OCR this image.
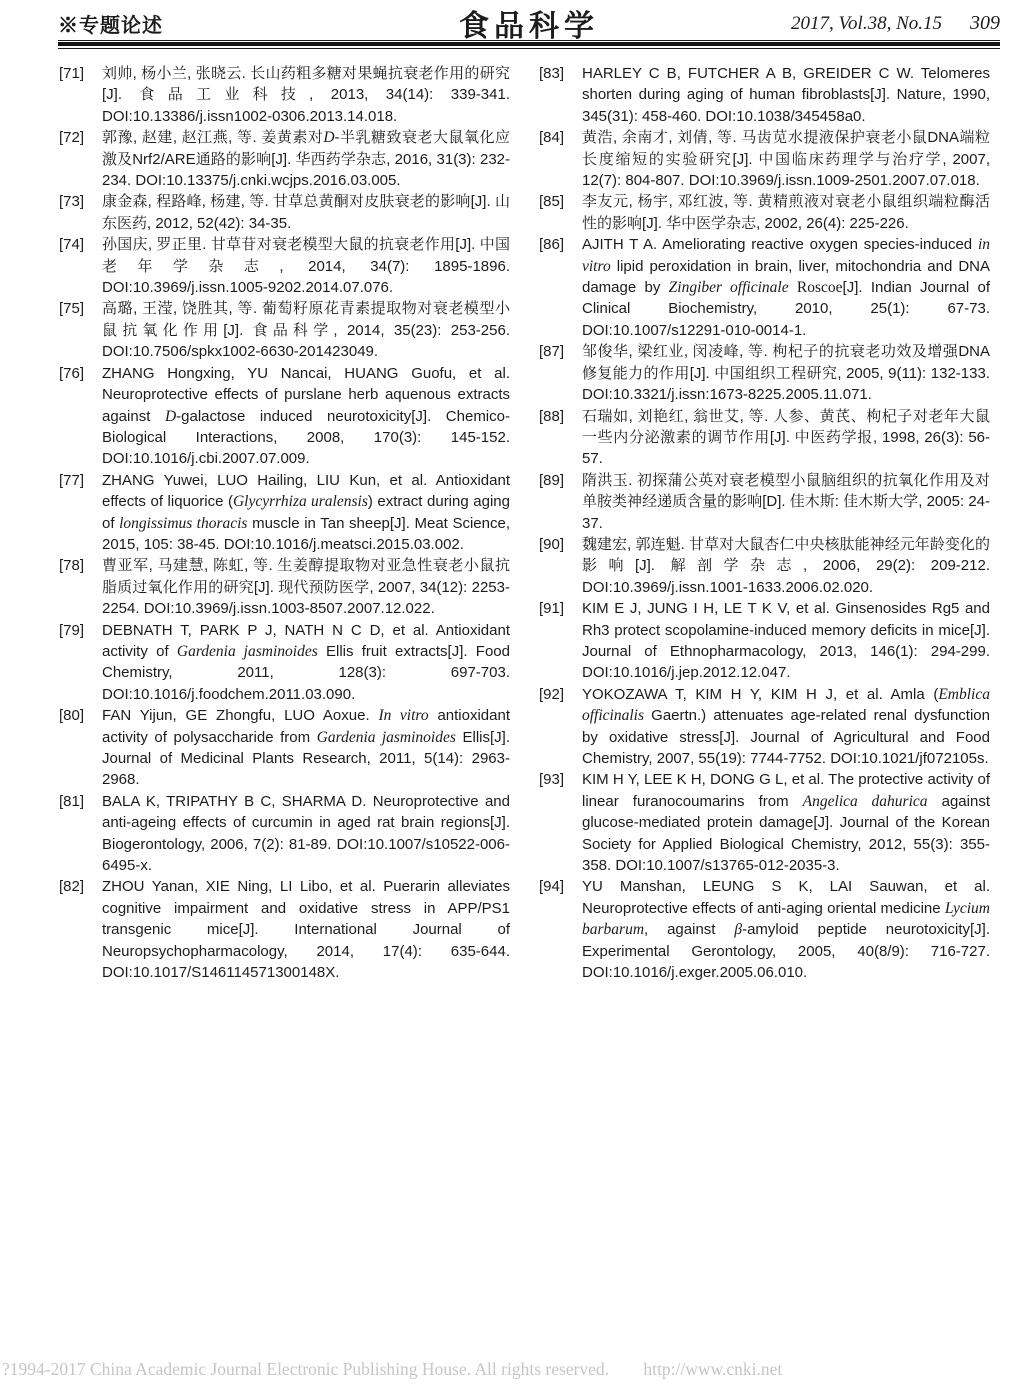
※专题论述	食品科学	2017, Vol.38, No.15 309
[71] 刘帅, 杨小兰, 张晓云. 长山药粗多糖对果蝇抗衰老作用的研究[J]. 食品工业科技, 2013, 34(14): 339-341. DOI:10.13386/j.issn1002-0306.2013.14.018.
[72] 郭豫, 赵建, 赵江燕, 等. 姜黄素对D-半乳糖致衰老大鼠氧化应激及Nrf2/ARE通路的影响[J]. 华西药学杂志, 2016, 31(3): 232-234. DOI:10.13375/j.cnki.wcjps.2016.03.005.
[73] 康金森, 程路峰, 杨建, 等. 甘草总黄酮对皮肤衰老的影响[J]. 山东医药, 2012, 52(42): 34-35.
[74] 孙国庆, 罗正里. 甘草苷对衰老模型大鼠的抗衰老作用[J]. 中国老年学杂志, 2014, 34(7): 1895-1896. DOI:10.3969/j.issn.1005-9202.2014.07.076.
[75] 高璐, 王滢, 饶胜其, 等. 葡萄籽原花青素提取物对衰老模型小鼠抗氧化作用[J]. 食品科学, 2014, 35(23): 253-256. DOI:10.7506/spkx1002-6630-201423049.
[76] ZHANG Hongxing, YU Nancai, HUANG Guofu, et al. Neuroprotective effects of purslane herb aquenous extracts against D-galactose induced neurotoxicity[J]. Chemico-Biological Interactions, 2008, 170(3): 145-152. DOI:10.1016/j.cbi.2007.07.009.
[77] ZHANG Yuwei, LUO Hailing, LIU Kun, et al. Antioxidant effects of liquorice (Glycyrrhiza uralensis) extract during aging of longissimus thoracis muscle in Tan sheep[J]. Meat Science, 2015, 105: 38-45. DOI:10.1016/j.meatsci.2015.03.002.
[78] 曹亚军, 马建慧, 陈虹, 等. 生姜醇提取物对亚急性衰老小鼠抗脂质过氧化作用的研究[J]. 现代预防医学, 2007, 34(12): 2253-2254. DOI:10.3969/j.issn.1003-8507.2007.12.022.
[79] DEBNATH T, PARK P J, NATH N C D, et al. Antioxidant activity of Gardenia jasminoides Ellis fruit extracts[J]. Food Chemistry, 2011, 128(3): 697-703. DOI:10.1016/j.foodchem.2011.03.090.
[80] FAN Yijun, GE Zhongfu, LUO Aoxue. In vitro antioxidant activity of polysaccharide from Gardenia jasminoides Ellis[J]. Journal of Medicinal Plants Research, 2011, 5(14): 2963-2968.
[81] BALA K, TRIPATHY B C, SHARMA D. Neuroprotective and anti-ageing effects of curcumin in aged rat brain regions[J]. Biogerontology, 2006, 7(2): 81-89. DOI:10.1007/s10522-006-6495-x.
[82] ZHOU Yanan, XIE Ning, LI Libo, et al. Puerarin alleviates cognitive impairment and oxidative stress in APP/PS1 transgenic mice[J]. International Journal of Neuropsychopharmacology, 2014, 17(4): 635-644. DOI:10.1017/S146114571300148X.
[83] HARLEY C B, FUTCHER A B, GREIDER C W. Telomeres shorten during aging of human fibroblasts[J]. Nature, 1990, 345(31): 458-460. DOI:10.1038/345458a0.
[84] 黄浩, 余南才, 刘倩, 等. 马齿苋水提液保护衰老小鼠DNA端粒长度缩短的实验研究[J]. 中国临床药理学与治疗学, 2007, 12(7): 804-807. DOI:10.3969/j.issn.1009-2501.2007.07.018.
[85] 李友元, 杨宇, 邓红波, 等. 黄精煎液对衰老小鼠组织端粒酶活性的影响[J]. 华中医学杂志, 2002, 26(4): 225-226.
[86] AJITH T A. Ameliorating reactive oxygen species-induced in vitro lipid peroxidation in brain, liver, mitochondria and DNA damage by Zingiber officinale Roscoe[J]. Indian Journal of Clinical Biochemistry, 2010, 25(1): 67-73. DOI:10.1007/s12291-010-0014-1.
[87] 邹俊华, 梁红业, 闵凌峰, 等. 枸杞子的抗衰老功效及增强DNA修复能力的作用[J]. 中国组织工程研究, 2005, 9(11): 132-133. DOI:10.3321/j.issn:1673-8225.2005.11.071.
[88] 石瑞如, 刘艳红, 翁世艾, 等. 人参、黄芪、枸杞子对老年大鼠一些内分泌激素的调节作用[J]. 中医药学报, 1998, 26(3): 56-57.
[89] 隋洪玉. 初探蒲公英对衰老模型小鼠脑组织的抗氧化作用及对单胺类神经递质含量的影响[D]. 佳木斯: 佳木斯大学, 2005: 24-37.
[90] 魏建宏, 郭连魁. 甘草对大鼠杏仁中央核肽能神经元年龄变化的影响[J]. 解剖学杂志, 2006, 29(2): 209-212. DOI:10.3969/j.issn.1001-1633.2006.02.020.
[91] KIM E J, JUNG I H, LE T K V, et al. Ginsenosides Rg5 and Rh3 protect scopolamine-induced memory deficits in mice[J]. Journal of Ethnopharmacology, 2013, 146(1): 294-299. DOI:10.1016/j.jep.2012.12.047.
[92] YOKOZAWA T, KIM H Y, KIM H J, et al. Amla (Emblica officinalis Gaertn.) attenuates age-related renal dysfunction by oxidative stress[J]. Journal of Agricultural and Food Chemistry, 2007, 55(19): 7744-7752. DOI:10.1021/jf072105s.
[93] KIM H Y, LEE K H, DONG G L, et al. The protective activity of linear furanocoumarins from Angelica dahurica against glucose-mediated protein damage[J]. Journal of the Korean Society for Applied Biological Chemistry, 2012, 55(3): 355-358. DOI:10.1007/s13765-012-2035-3.
[94] YU Manshan, LEUNG S K, LAI Sauwan, et al. Neuroprotective effects of anti-aging oriental medicine Lycium barbarum, against β-amyloid peptide neurotoxicity[J]. Experimental Gerontology, 2005, 40(8/9): 716-727. DOI:10.1016/j.exger.2005.06.010.
?1994-2017 China Academic Journal Electronic Publishing House. All rights reserved. http://www.cnki.net
